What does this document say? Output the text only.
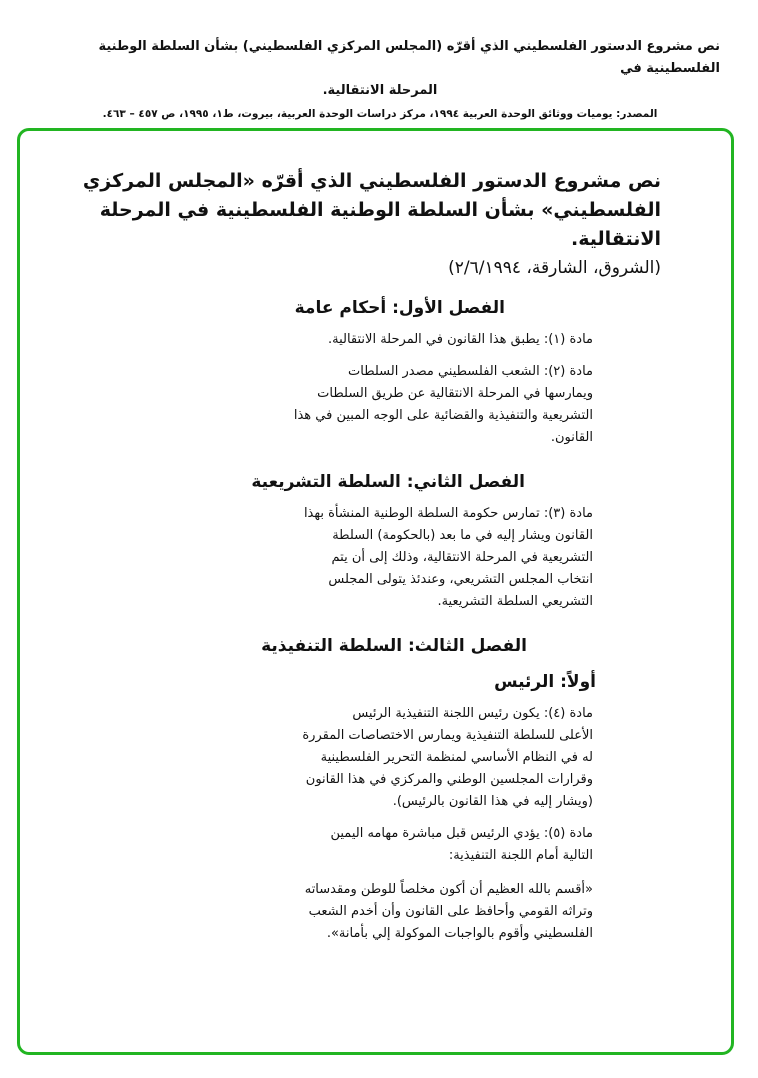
نص مشروع الدستور الفلسطيني الذي أقرّه (المجلس المركزي الفلسطيني) بشأن السلطة الوطنية الفلسطينية في
المرحلة الانتقالية.
المصدر: يوميات ووثائق الوحدة العربية ١٩٩٤، مركز دراسات الوحدة العربية، بيروت، ط١، ١٩٩٥، ص ٤٥٧ – ٤٦٣.
نص مشروع الدستور الفلسطيني الذي أقرّه «المجلس المركزي
الفلسطيني» بشأن السلطة الوطنية الفلسطينية في المرحلة الانتقالية.
(الشروق، الشارقة، ٢/٦/١٩٩٤)
الفصل الأول: أحكام عامة
مادة (١): يطبق هذا القانون في المرحلة الانتقالية.
مادة (٢): الشعب الفلسطيني مصدر السلطات
ويمارسها في المرحلة الانتقالية عن طريق السلطات
التشريعية والتنفيذية والقضائية على الوجه المبين في هذا
القانون.
الفصل الثاني: السلطة التشريعية
مادة (٣): تمارس حكومة السلطة الوطنية المنشأة بهذا
القانون ويشار إليه في ما بعد (بالحكومة) السلطة
التشريعية في المرحلة الانتقالية، وذلك إلى أن يتم
انتخاب المجلس التشريعي، وعندئذ يتولى المجلس
التشريعي السلطة التشريعية.
الفصل الثالث: السلطة التنفيذية
أولاً: الرئيس
مادة (٤): يكون رئيس اللجنة التنفيذية الرئيس
الأعلى للسلطة التنفيذية ويمارس الاختصاصات المقررة
له في النظام الأساسي لمنظمة التحرير الفلسطينية
وقرارات المجلسين الوطني والمركزي في هذا القانون
(ويشار إليه في هذا القانون بالرئيس).
مادة (٥): يؤدي الرئيس قبل مباشرة مهامه اليمين
التالية أمام اللجنة التنفيذية:
«أقسم بالله العظيم أن أكون مخلصاً للوطن ومقدساته
وتراثه القومي وأحافظ على القانون وأن أخدم الشعب
الفلسطيني وأقوم بالواجبات الموكولة إلي بأمانة».
